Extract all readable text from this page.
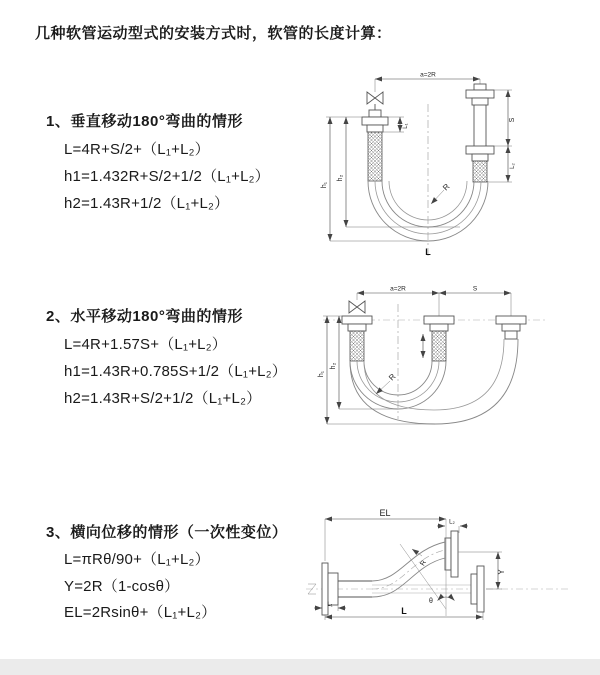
几种软管运动型式的安装方式时，软管的长度计算：
1、垂直移动180°弯曲的情形
L=4R+S/2+（L₁+L₂）
h1=1.432R+S/2+1/2（L₁+L₂）
h2=1.43R+1/2（L₁+L₂）
a=2R
h₁
h₂
L₁
S
L₂
R
L
2、水平移动180°弯曲的情形
L=4R+1.57S+（L₁+L₂）
h1=1.43R+0.785S+1/2（L₁+L₂）
h2=1.43R+S/2+1/2（L₁+L₂）
a=2R	S
h₁
h₂
R
3、横向位移的情形（一次性变位）
L=πRθ/90+（L₁+L₂）
Y=2R（1-cosθ）
EL=2Rsinθ+（L₁+L₂）
EL
L₂
Y
L
L₁
R
θ
